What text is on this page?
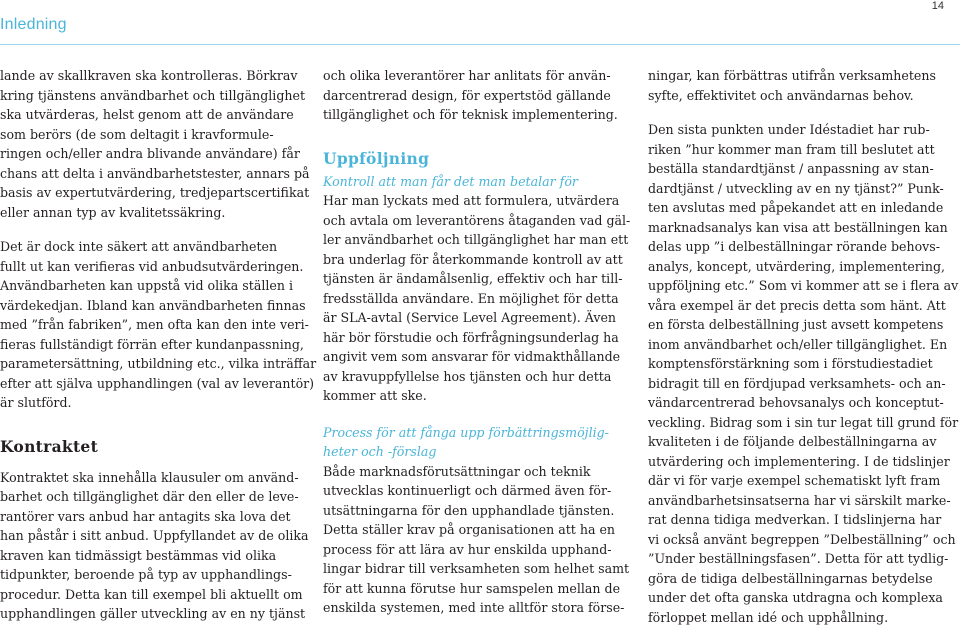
Inledning
14

lande av skallkraven ska kontrolleras. Börkrav

kring tjänstens användbarhet och tillgänglighet

ska utvärderas, helst genom att de användare

som berörs (de som deltagit i kravformule-

ringen och/eller andra blivande användare) får

chans att delta i användbarhetstester, annars på

basis av expertutvärdering, tredjepartscertifikat

eller annan typ av kvalitetssäkring.

Det är dock inte säkert att användbarheten

fullt ut kan verifieras vid anbudsutvärderingen.

Användbarheten kan uppstå vid olika ställen i

värdekedjan. Ibland kan användbarheten finnas

med ”från fabriken”, men ofta kan den inte veri-

fieras fullständigt förrän efter kundanpassning,

parametersättning, utbildning etc., vilka inträffar

efter att själva upphandlingen (val av leverantör)

är slutförd.

Kontraktet

Kontraktet ska innehålla klausuler om använd-

barhet och tillgänglighet där den eller de leve-

rantörer vars anbud har antagits ska lova det

han påstår i sitt anbud. Uppfyllandet av de olika

kraven kan tidmässigt bestämmas vid olika

tidpunkter, beroende på typ av upphandlings-

procedur. Detta kan till exempel bli aktuellt om

upphandlingen gäller utveckling av en ny tjänst

och olika leverantörer har anlitats för använ-

darcentrerad design, för expertstöd gällande

tillgänglighet och för teknisk implementering.

Uppföljning

Kontroll att man får det man betalar för

Har man lyckats med att formulera, utvärdera

och avtala om leverantörens åtaganden vad gäl-

ler användbarhet och tillgänglighet har man ett

bra underlag för återkommande kontroll av att

tjänsten är ändamålsenlig, effektiv och har till-

fredsställda användare. En möjlighet för detta

är SLA-avtal (Service Level Agreement). Även

här bör förstudie och förfrågningsunderlag ha

angivit vem som ansvarar för vidmakthållande

av kravuppfyllelse hos tjänsten och hur detta

kommer att ske.

Process för att fånga upp förbättringsmöjlig-

heter och -förslag

Både marknadsförutsättningar och teknik

utvecklas kontinuerligt och därmed även för-

utsättningarna för den upphandlade tjänsten.

Detta ställer krav på organisationen att ha en

process för att lära av hur enskilda upphand-

lingar bidrar till verksamheten som helhet samt

för att kunna förutse hur samspelen mellan de

enskilda systemen, med inte alltför stora försе-

ningar, kan förbättras utifrån verksamhetens

syfte, effektivitet och användarnas behov.

Den sista punkten under Idéstadiet har rub-

riken ”hur kommer man fram till beslutet att

beställa standardtjänst / anpassning av stan-

dardtjänst / utveckling av en ny tjänst?” Punk-

ten avslutas med påpekandet att en inledande

marknadsanalys kan visa att beställningen kan

delas upp ”i delbeställningar rörande behovs-

analys, koncept, utvärdering, implementering,

uppföljning etc.” Som vi kommer att se i flera av

våra exempel är det precis detta som hänt. Att

en första delbeställning just avsett kompetens

inom användbarhet och/eller tillgänglighet. En

komptensförstärkning som i förstudiestadiet

bidragit till en fördjupad verksamhets- och an-

vändarcentrerad behovsanalys och konceptut-

veckling. Bidrag som i sin tur legat till grund för

kvaliteten i de följande delbeställningarna av

utvärdering och implementering. I de tidslinjer

där vi för varje exempel schematiskt lyft fram

användbarhetsinsatserna har vi särskilt marke-

rat denna tidiga medverkan. I tidslinjerna har

vi också använt begreppen ”Delbeställning” och

”Under beställningsfasen”. Detta för att tydlig-

göra de tidiga delbeställningarnas betydelse

under det ofta ganska utdragna och komplexa

förloppet mellan idé och upphållning.
